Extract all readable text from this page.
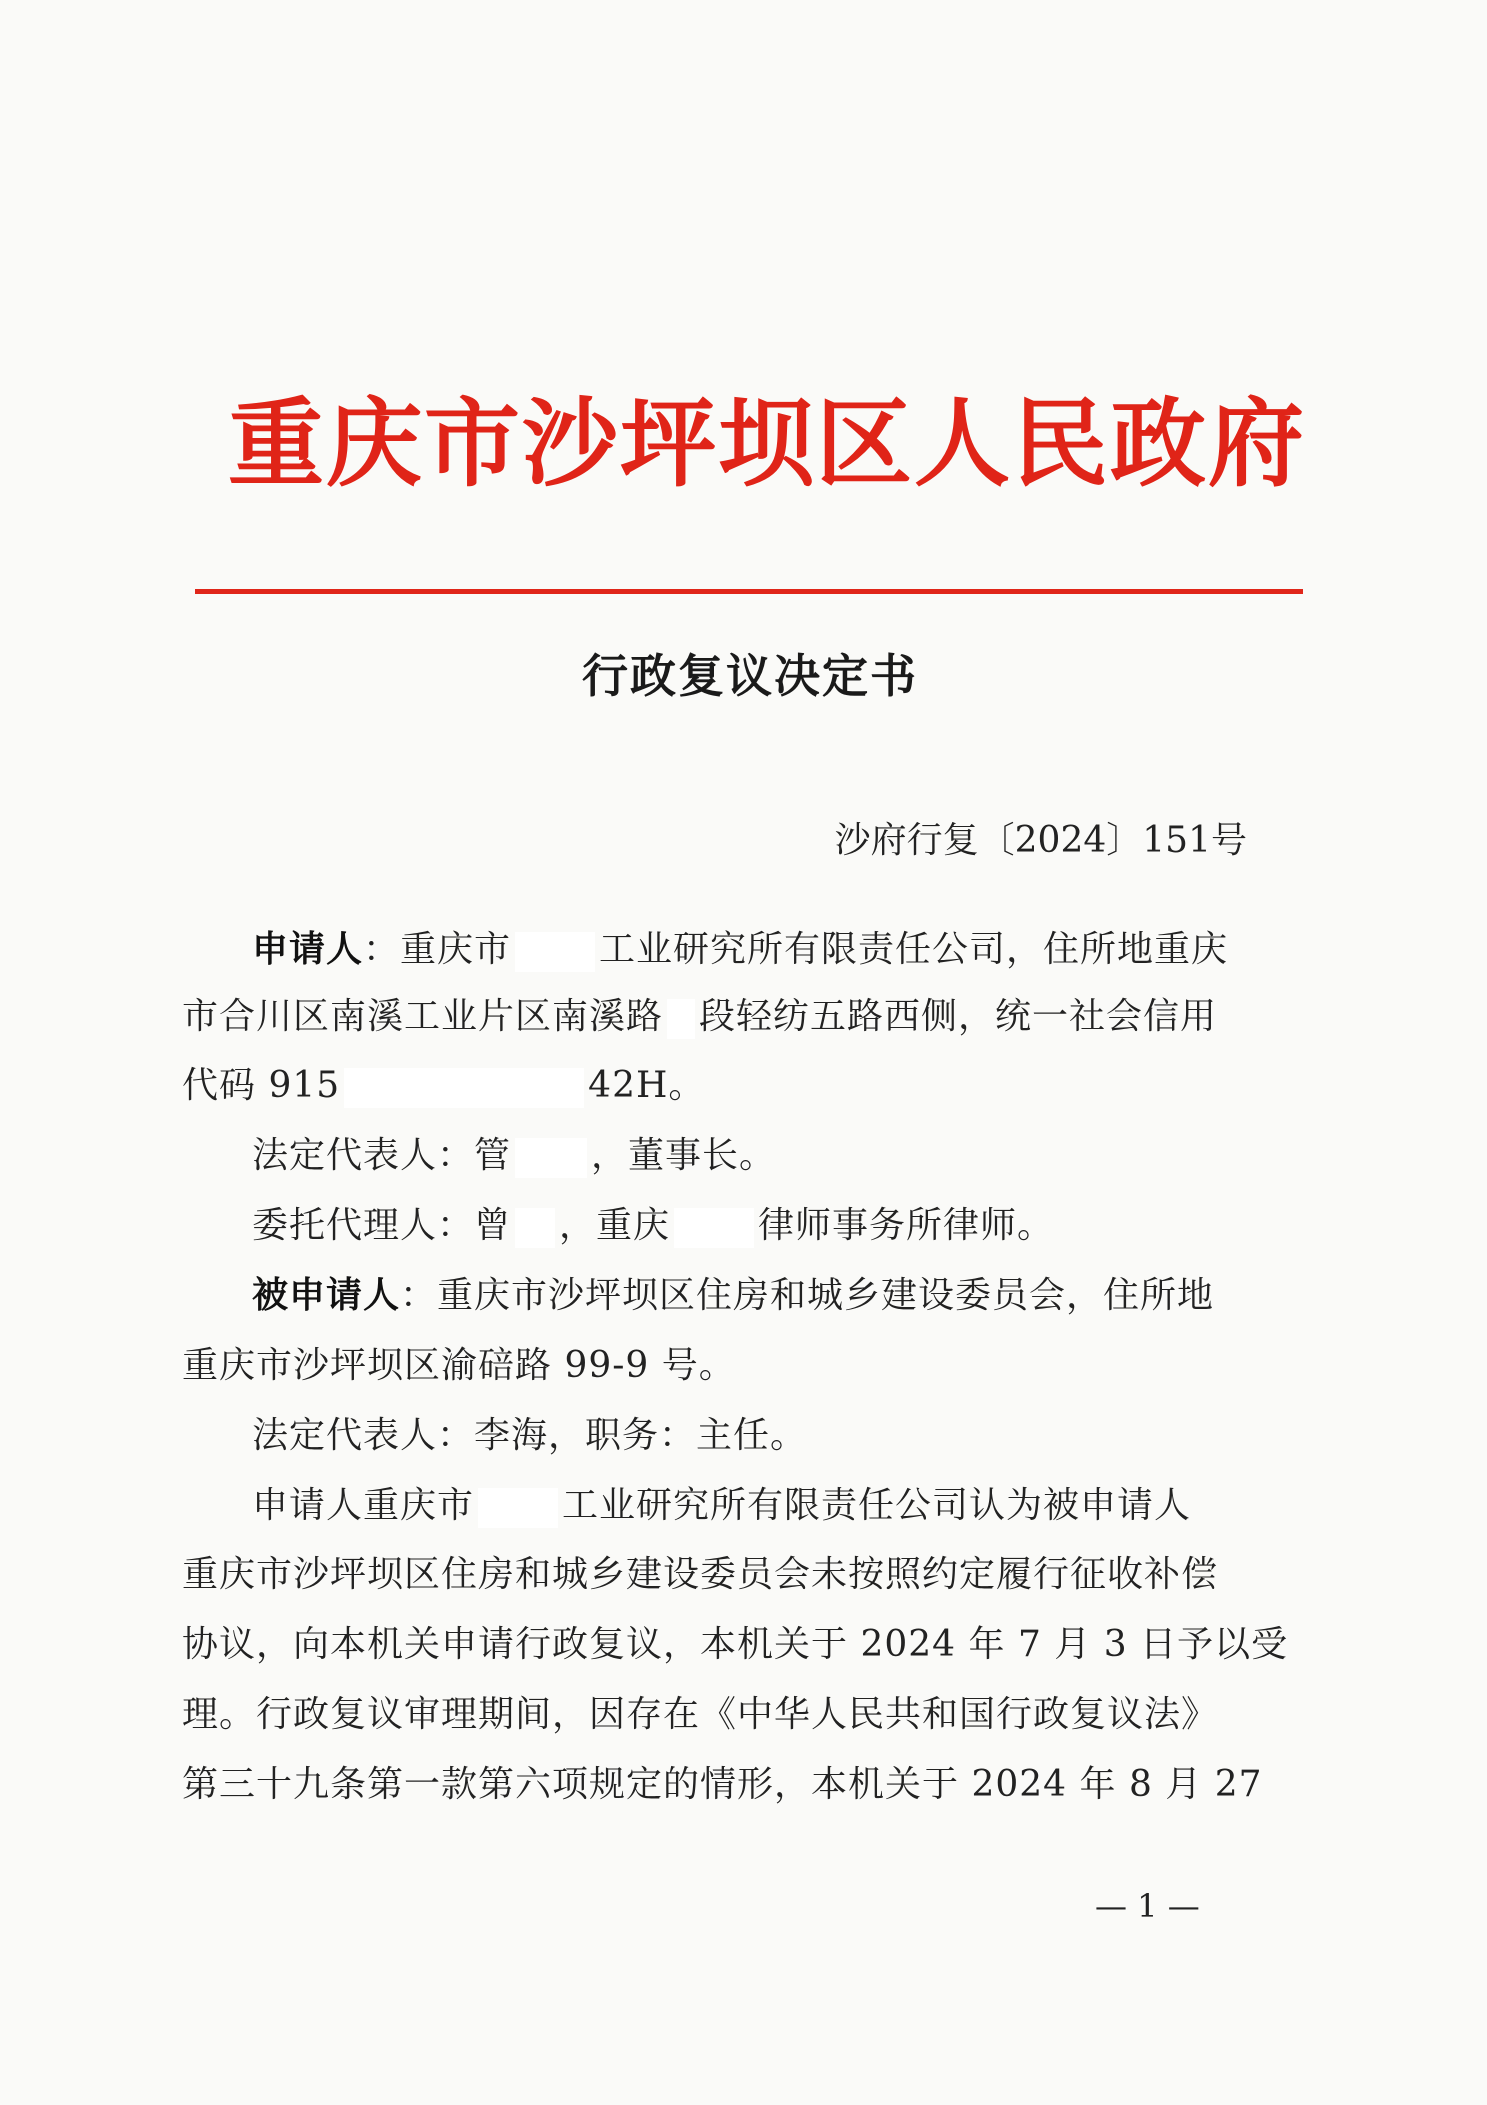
重庆市沙坪坝区人民政府
行政复议决定书
沙府行复〔2024〕151号
申请人：重庆市 工业研究所有限责任公司，住所地重庆
市合川区南溪工业片区南溪路 段轻纺五路西侧，统一社会信用
代码 915	42H。
法定代表人：管 ，董事长。
委托代理人：曾 ，重庆 律师事务所律师。
被申请人：重庆市沙坪坝区住房和城乡建设委员会，住所地
重庆市沙坪坝区渝碚路 99-9 号。
法定代表人：李海，职务：主任。
申请人重庆市 工业研究所有限责任公司认为被申请人
重庆市沙坪坝区住房和城乡建设委员会未按照约定履行征收补偿
协议，向本机关申请行政复议，本机关于 2024 年 7 月 3 日予以受
理。行政复议审理期间，因存在《中华人民共和国行政复议法》
第三十九条第一款第六项规定的情形，本机关于 2024 年 8 月 27
— 1 —
